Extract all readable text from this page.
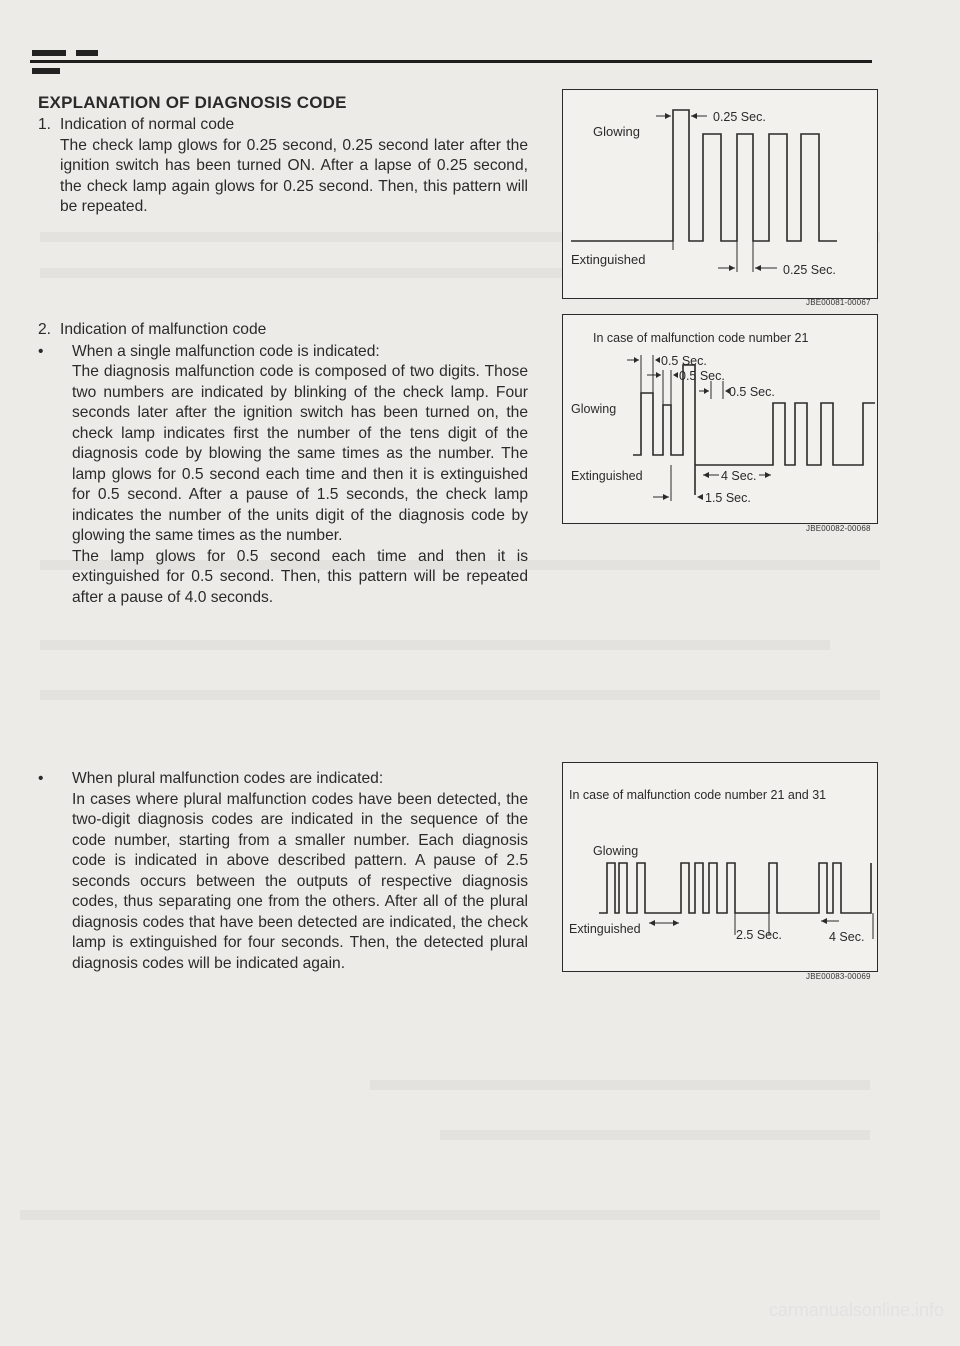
EXPLANATION OF DIAGNOSIS CODE
1. Indication of normal code

The check lamp glows for 0.25 second, 0.25 second later after the ignition switch has been turned ON. After a lapse of 0.25 second, the check lamp again glows for 0.25 second. Then, this pattern will be repeated.

2. Indication of malfunction code

•	When a single malfunction code is indicated:

The diagnosis malfunction code is composed of two digits. Those two numbers are indicated by blinking of the check lamp. Four seconds later after the ignition switch has been turned on, the check lamp indicates first the number of the tens digit of the diagnosis code by blowing the same times as the number. The lamp glows for 0.5 second each time and then it is extinguished for 0.5 second. After a pause of 1.5 seconds, the check lamp indicates the number of the units digit of the diagnosis code by glowing the same times as the number.

The lamp glows for 0.5 second each time and then it is extinguished for 0.5 second. Then, this pattern will be repeated after a pause of 4.0 seconds.

•	When plural malfunction codes are indicated:

In cases where plural malfunction codes have been detected, the two-digit diagnosis codes are indicated in the sequence of the code number, starting from a smaller number. Each diagnosis code is indicated in above described pattern. A pause of 2.5 seconds occurs between the outputs of respective diagnosis codes, thus separating one from the others. After all of the plural diagnosis codes that have been detected are indicated, the check lamp is extinguished for four seconds. Then, the detected plural diagnosis codes will be indicated again.

Glowing
Extinguished
0.25 Sec.
0.25 Sec.
JBE00081-00067
In case of malfunction code number 21
Glowing
Extinguished
0.5 Sec.
0.5 Sec.
0.5 Sec.
4 Sec.
1.5 Sec.
JBE00082-00068
In case of malfunction code number 21 and 31
Glowing
Extinguished	2.5 Sec.	4 Sec.
JBE00083-00069
carmanualsonline.info
